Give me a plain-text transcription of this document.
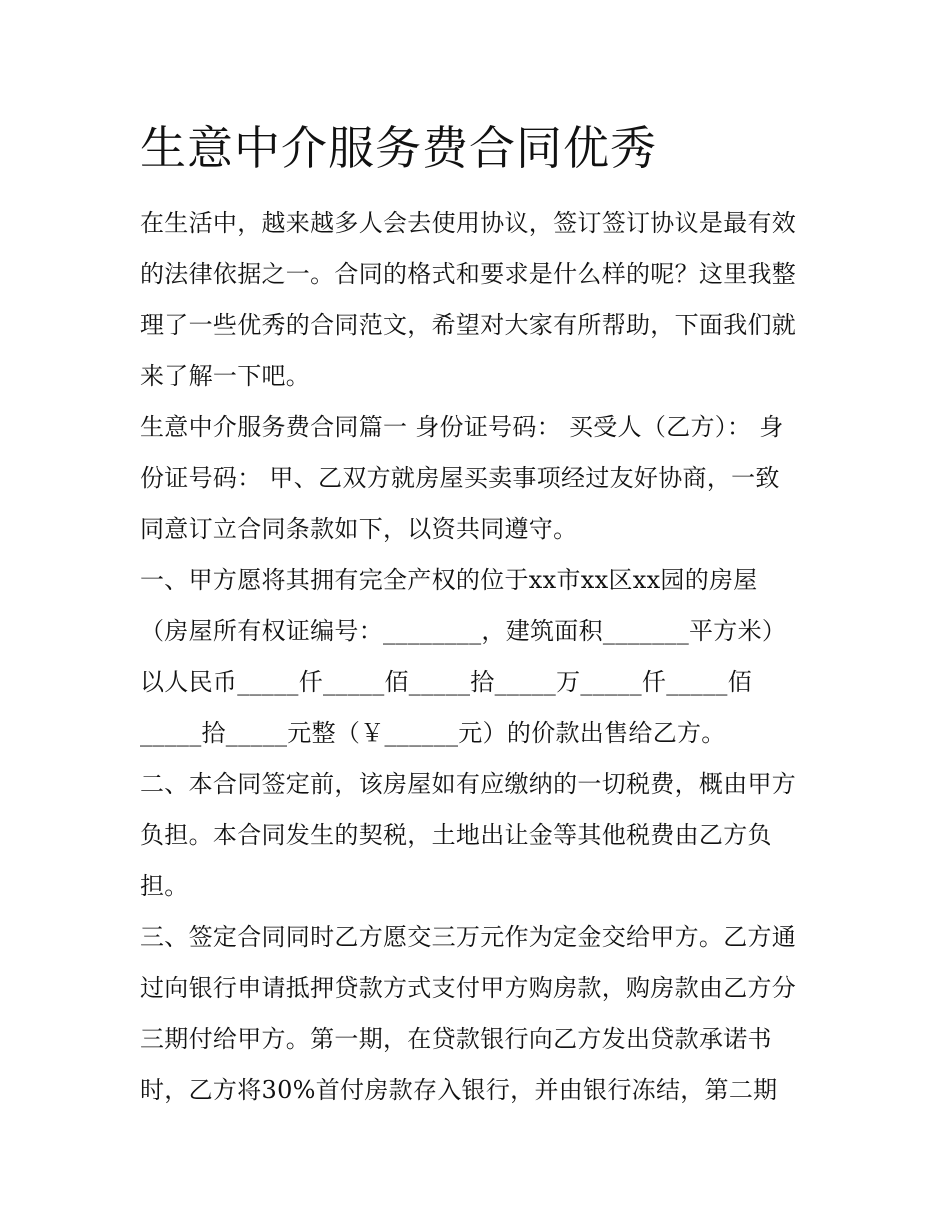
生意中介服务费合同优秀

在生活中，越来越多人会去使用协议，签订签订协议是最有效

的法律依据之一。合同的格式和要求是什么样的呢？这里我整

理了一些优秀的合同范文，希望对大家有所帮助，下面我们就

来了解一下吧。

生意中介服务费合同篇一 身份证号码： 买受人（乙方）： 身

份证号码： 甲、乙双方就房屋买卖事项经过友好协商，一致

同意订立合同条款如下，以资共同遵守。

一、甲方愿将其拥有完全产权的位于xx市xx区xx园的房屋

（房屋所有权证编号：________，建筑面积_______平方米）

以人民币_____仟_____佰_____拾_____万_____仟_____佰

_____拾_____元整（￥______元）的价款出售给乙方。

二、本合同签定前，该房屋如有应缴纳的一切税费，概由甲方

负担。本合同发生的契税，土地出让金等其他税费由乙方负

担。

三、签定合同同时乙方愿交三万元作为定金交给甲方。乙方通

过向银行申请抵押贷款方式支付甲方购房款，购房款由乙方分

三期付给甲方。第一期，在贷款银行向乙方发出贷款承诺书

时，乙方将30%首付房款存入银行，并由银行冻结，第二期
